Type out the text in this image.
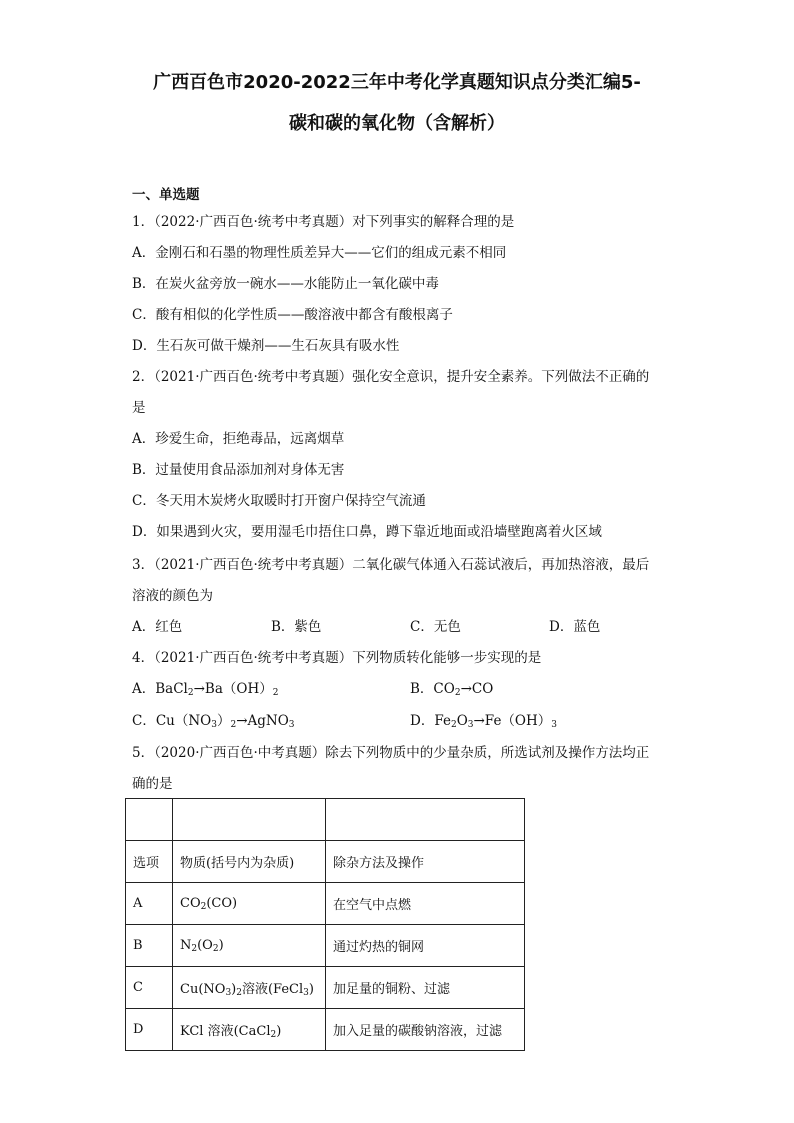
广西百色市2020-2022三年中考化学真题知识点分类汇编5-
碳和碳的氧化物（含解析）
一、单选题
1．（2022·广西百色·统考中考真题）对下列事实的解释合理的是
A．金刚石和石墨的物理性质差异大——它们的组成元素不相同
B．在炭火盆旁放一碗水——水能防止一氧化碳中毒
C．酸有相似的化学性质——酸溶液中都含有酸根离子
D．生石灰可做干燥剂——生石灰具有吸水性
2．（2021·广西百色·统考中考真题）强化安全意识，提升安全素养。下列做法不正确的
是
A．珍爱生命，拒绝毒品，远离烟草
B．过量使用食品添加剂对身体无害
C．冬天用木炭烤火取暖时打开窗户保持空气流通
D．如果遇到火灾，要用湿毛巾捂住口鼻，蹲下靠近地面或沿墙壁跑离着火区域
3．（2021·广西百色·统考中考真题）二氧化碳气体通入石蕊试液后，再加热溶液，最后
溶液的颜色为
A．红色	B．紫色	C．无色	D．蓝色
4．（2021·广西百色·统考中考真题）下列物质转化能够一步实现的是
A．$BaCl_2\to Ba(OH)_2$	B．$CO_2\to CO$
C．$Cu(NO_3)_2\to AgNO_3$	D．$Fe_2O_3\to Fe(OH)_3$
5．（2020·广西百色·中考真题）除去下列物质中的少量杂质，所选试剂及操作方法均正
确的是

选项	物质(括号内为杂质)	除杂方法及操作
A	$CO_2(CO)$	在空气中点燃
B	$N_2(O_2)$	通过灼热的铜网
C	$Cu(NO_3)_2$溶液(FeCl$_3$)	加足量的铜粉、过滤
D	KCl 溶液(CaCl$_2$)	加入足量的碳酸钠溶液，过滤
